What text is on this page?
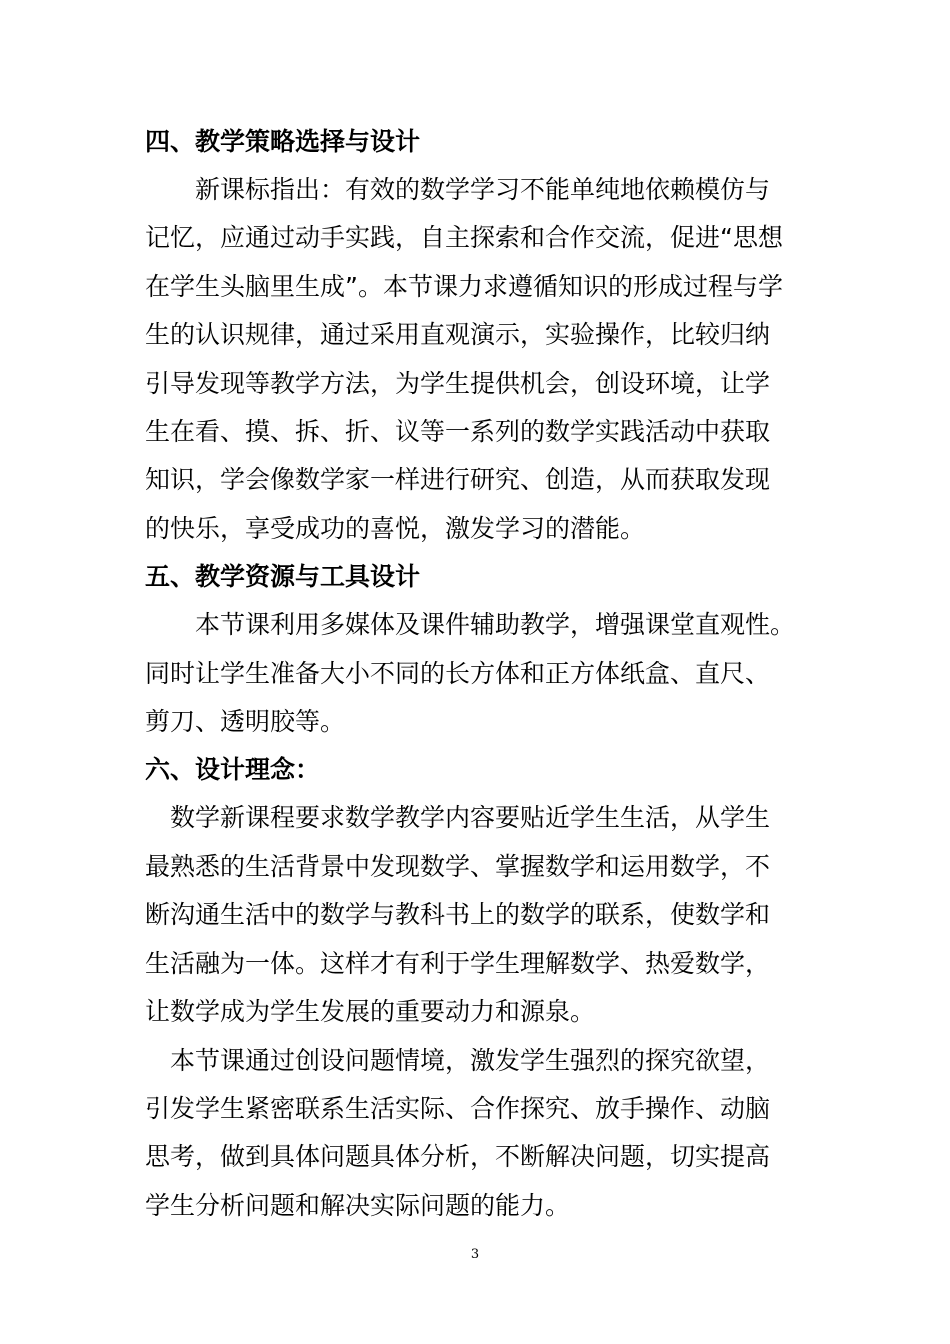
四、教学策略选择与设计

　　新课标指出：有效的数学学习不能单纯地依赖模仿与
记忆，应通过动手实践，自主探索和合作交流，促进“思想
在学生头脑里生成”。本节课力求遵循知识的形成过程与学
生的认识规律，通过采用直观演示，实验操作，比较归纳
引导发现等教学方法，为学生提供机会，创设环境，让学
生在看、摸、拆、折、议等一系列的数学实践活动中获取
知识，学会像数学家一样进行研究、创造，从而获取发现
的快乐，享受成功的喜悦，激发学习的潜能。

五、教学资源与工具设计

　　本节课利用多媒体及课件辅助教学，增强课堂直观性。
同时让学生准备大小不同的长方体和正方体纸盒、直尺、
剪刀、透明胶等。

六、设计理念：

　数学新课程要求数学教学内容要贴近学生生活，从学生
最熟悉的生活背景中发现数学、掌握数学和运用数学，不
断沟通生活中的数学与教科书上的数学的联系，使数学和
生活融为一体。这样才有利于学生理解数学、热爱数学，
让数学成为学生发展的重要动力和源泉。

　本节课通过创设问题情境，激发学生强烈的探究欲望，
引发学生紧密联系生活实际、合作探究、放手操作、动脑
思考，做到具体问题具体分析，不断解决问题，切实提高
学生分析问题和解决实际问题的能力。

3
